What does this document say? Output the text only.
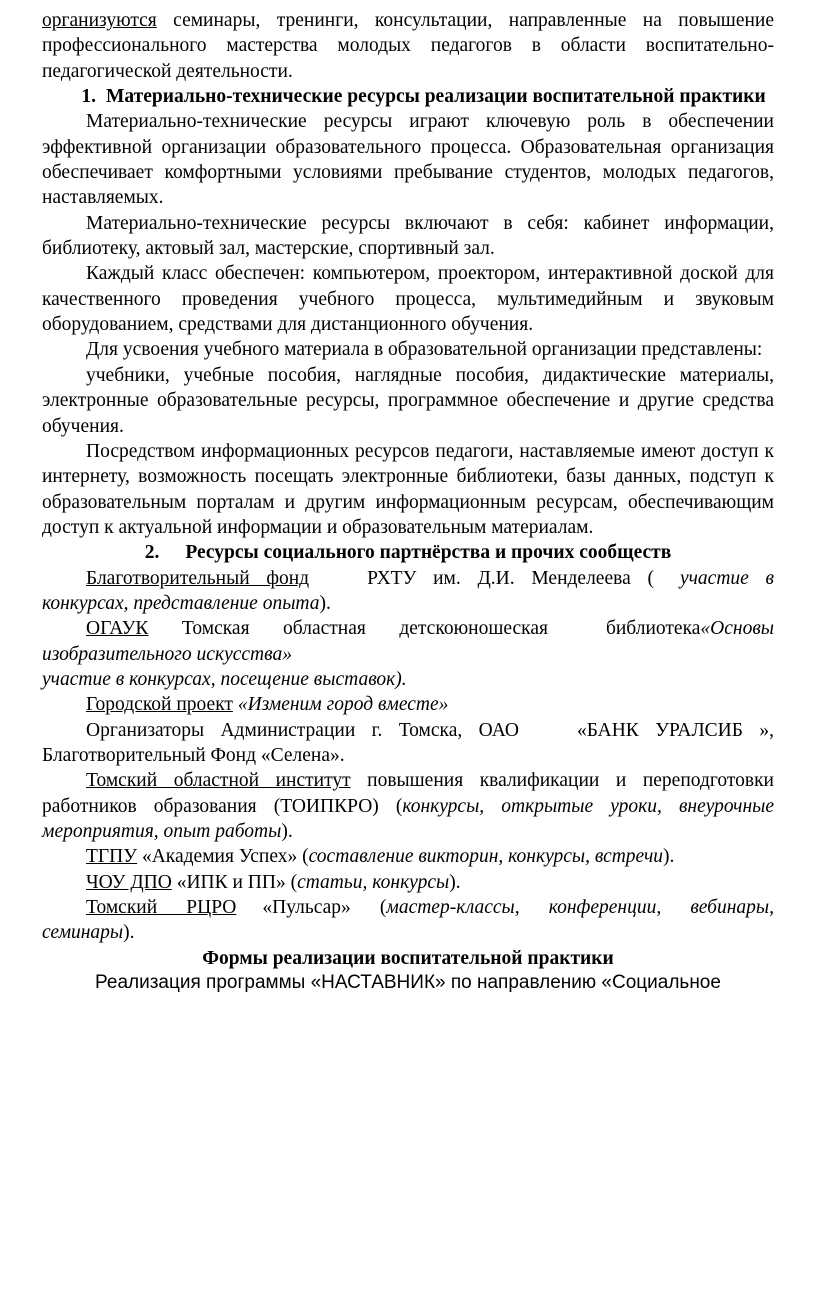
организуются семинары, тренинги, консультации, направленные на повышение профессионального мастерства молодых педагогов в области воспитательно-педагогической деятельности.

1. Материально-технические ресурсы реализации воспитательной практики

Материально-технические ресурсы играют ключевую роль в обеспечении эффективной организации образовательного процесса. Образовательная организация обеспечивает комфортными условиями пребывание студентов, молодых педагогов, наставляемых.

Материально-технические ресурсы включают в себя: кабинет информации, библиотеку, актовый зал, мастерские, спортивный зал.

Каждый класс обеспечен: компьютером, проектором, интерактивной доской для качественного проведения учебного процесса, мультимедийным и звуковым оборудованием, средствами для дистанционного обучения.

Для усвоения учебного материала в образовательной организации представлены:

учебники, учебные пособия, наглядные пособия, дидактические материалы, электронные образовательные ресурсы, программное обеспечение и другие средства обучения.

Посредством информационных ресурсов педагоги, наставляемые имеют доступ к интернету, возможность посещать электронные библиотеки, базы данных, подступ к образовательным порталам и другим информационным ресурсам, обеспечивающим доступ к актуальной информации и образовательным материалам.

2. Ресурсы социального партнёрства и прочих сообществ

Благотворительный фонд	РХТУ им. Д.И. Менделеева ( участие в конкурсах, представление опыта).

ОГАУК Томская областная детскоюношеская	библиотека«Основы изобразительного искусства»

участие в конкурсах, посещение выставок).

Городской проект «Изменим город вместе»

Организаторы Администрации г. Томска, ОАО	«БАНК УРАЛСИБ », Благотворительный Фонд «Селена».

Томский областной институт повышения квалификации и переподготовки работников образования (ТОИПКРО) (конкурсы, открытые уроки, внеурочные мероприятия, опыт работы).

ТГПУ «Академия Успех» (составление викторин, конкурсы, встречи).

ЧОУ ДПО «ИПК и ПП» (статьи, конкурсы).

Томский РЦРО «Пульсар» (мастер-классы, конференции, вебинары, семинары).

Формы реализации воспитательной практики

Реализация программы «НАСТАВНИК» по направлению «Социальное
